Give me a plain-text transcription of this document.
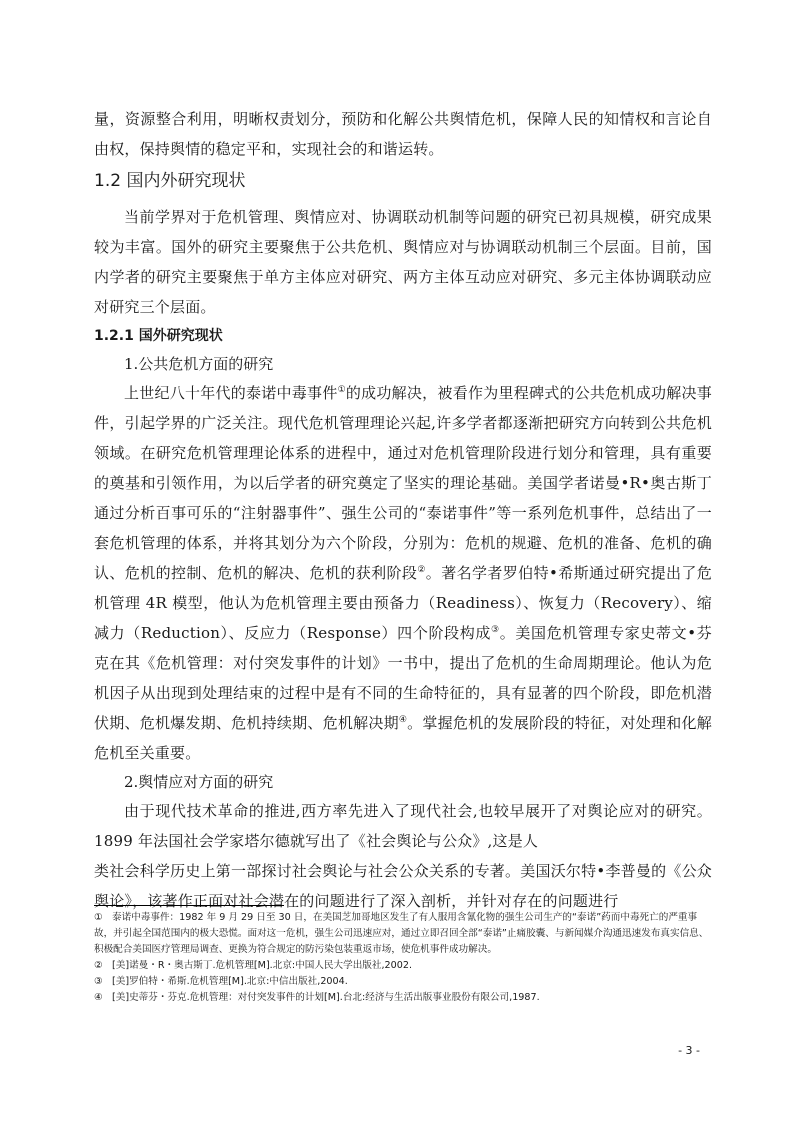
量，资源整合利用，明晰权责划分，预防和化解公共舆情危机，保障人民的知情权和言论自由权，保持舆情的稳定平和，实现社会的和谐运转。

1.2 国内外研究现状

当前学界对于危机管理、舆情应对、协调联动机制等问题的研究已初具规模，研究成果较为丰富。国外的研究主要聚焦于公共危机、舆情应对与协调联动机制三个层面。目前，国内学者的研究主要聚焦于单方主体应对研究、两方主体互动应对研究、多元主体协调联动应对研究三个层面。

1.2.1 国外研究现状

1.公共危机方面的研究

上世纪八十年代的泰诺中毒事件①的成功解决，被看作为里程碑式的公共危机成功解决事件，引起学界的广泛关注。现代危机管理理论兴起,许多学者都逐渐把研究方向转到公共危机领域。在研究危机管理理论体系的进程中，通过对危机管理阶段进行划分和管理，具有重要的奠基和引领作用，为以后学者的研究奠定了坚实的理论基础。美国学者诺曼•R•奥古斯丁通过分析百事可乐的“注射器事件”、强生公司的“泰诺事件”等一系列危机事件，总结出了一套危机管理的体系，并将其划分为六个阶段，分别为：危机的规避、危机的准备、危机的确认、危机的控制、危机的解决、危机的获利阶段②。著名学者罗伯特•希斯通过研究提出了危机管理 4R 模型，他认为危机管理主要由预备力（Readiness）、恢复力（Recovery）、缩减力（Reduction）、反应力（Response）四个阶段构成③。美国危机管理专家史蒂文•芬克在其《危机管理：对付突发事件的计划》一书中，提出了危机的生命周期理论。他认为危机因子从出现到处理结束的过程中是有不同的生命特征的，具有显著的四个阶段，即危机潜伏期、危机爆发期、危机持续期、危机解决期④。掌握危机的发展阶段的特征，对处理和化解危机至关重要。

2.舆情应对方面的研究

由于现代技术革命的推进,西方率先进入了现代社会,也较早展开了对舆论应对的研究。1899 年法国社会学家塔尔德就写出了《社会舆论与公众》,这是人

类社会科学历史上第一部探讨社会舆论与社会公众关系的专著。美国沃尔特•李普曼的《公众舆论》，该著作正面对社会潜在的问题进行了深入剖析，并针对存在的问题进行

① 泰诺中毒事件：1982 年 9 月 29 日至 30 日，在美国芝加哥地区发生了有人服用含氰化物的强生公司生产的“泰诺”药而中毒死亡的严重事故，并引起全国范围内的极大恐慌。面对这一危机，强生公司迅速应对，通过立即召回全部“泰诺”止痛胶囊、与新闻媒介沟通迅速发布真实信息、积极配合美国医疗管理局调查、更换为符合规定的防污染包装重返市场，使危机事件成功解决。

② [美]诺曼・R・奥古斯丁.危机管理[M].北京:中国人民大学出版社,2002.

③ [美]罗伯特・希斯.危机管理[M].北京:中信出版社,2004.

④ [美]史蒂芬・芬克.危机管理：对付突发事件的计划[M].台北:经济与生活出版事业股份有限公司,1987.

- 3 -
